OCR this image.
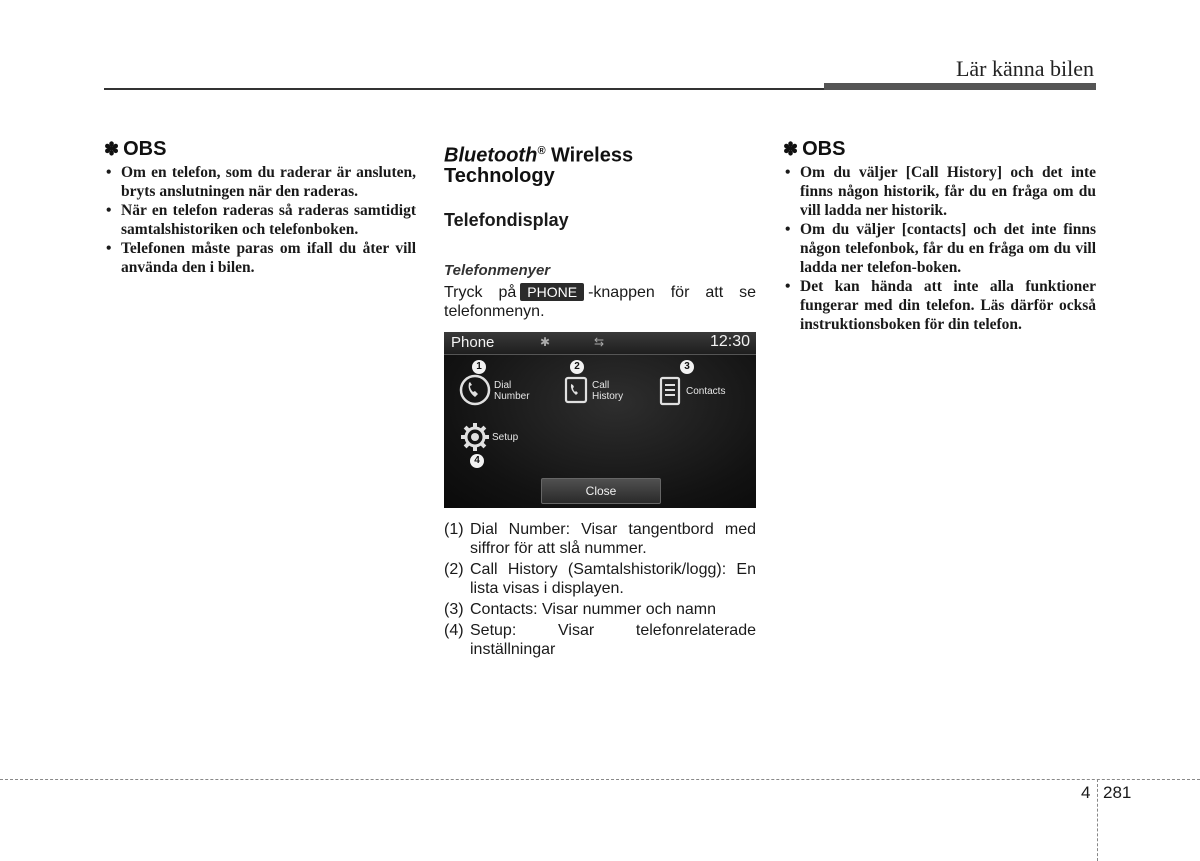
Lär känna bilen
✽ OBS
• Om en telefon, som du raderar är ansluten, bryts anslutningen när den raderas.
• När en telefon raderas så raderas samtidigt samtalshistoriken och telefonboken.
• Telefonen måste paras om ifall du åter vill använda den i bilen.
Bluetooth® Wireless
Technology
Telefondisplay
Telefonmenyer
Tryck på PHONE -knappen för att se telefonmenyn.
Phone	✱	⇆	12:30
1
Dial
Number
2
Call
History
3
Contacts
Setup
4
Close
(1) Dial Number: Visar tangentbord med siffror för att slå nummer.
(2) Call History (Samtalshistorik/logg): En lista visas i displayen.
(3) Contacts: Visar nummer och namn
(4) Setup: Visar telefonrelaterade inställningar
✽ OBS
• Om du väljer [Call History] och det inte finns någon historik, får du en fråga om du vill ladda ner historik.
• Om du väljer [contacts] och det inte finns någon telefonbok, får du en fråga om du vill ladda ner telefon-boken.
• Det kan hända att inte alla funktioner fungerar med din telefon. Läs därför också instruktionsboken för din telefon.
4 281
